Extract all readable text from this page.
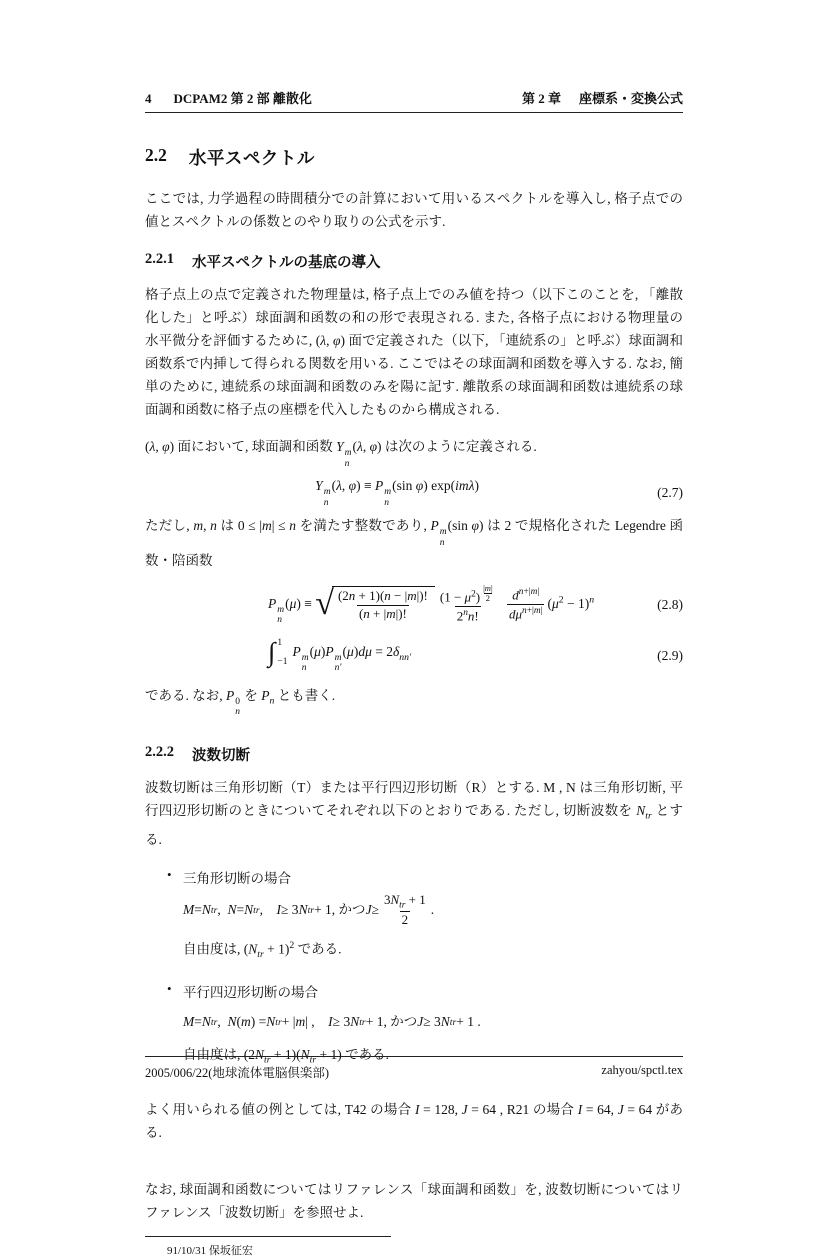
4 DCPAM2 第 2 部 離散化	第 2 章 座標系・変換公式
2.2 水平スペクトル

ここでは, 力学過程の時間積分での計算において用いるスペクトルを導入し, 格子点での値とスペクトルの係数とのやり取りの公式を示す.

2.2.1 水平スペクトルの基底の導入

格子点上の点で定義された物理量は, 格子点上でのみ値を持つ（以下このことを, 「離散化した」と呼ぶ）球面調和函数の和の形で表現される. また, 各格子点における物理量の水平微分を評価するために, (λ, φ) 面で定義された（以下, 「連続系の」と呼ぶ）球面調和函数系で内挿して得られる関数を用いる. ここではその球面調和函数を導入する. なお, 簡単のために, 連続系の球面調和函数のみを陽に記す. 離散系の球面調和函数は連続系の球面調和函数に格子点の座標を代入したものから構成される.

(λ, φ) 面において, 球面調和函数 Y m
n
(λ, φ) は次のように定義される.

Y m
n
(λ, φ) ≡ P m
n
(sin φ) exp(imλ)	(2.7)

ただし, m, n は 0 ≤ |m| ≤ n を満たす整数であり, P m
n
(sin φ) は 2 で規格化された Legendre 函数・陪函数

P m
n
(μ) ≡ √ $\frac{(2n + 1)(n - |m|)!}{(n + |m|)!} (1 - \mu^2)$ $^{\frac{|m|}{2}}$
2$^n$n!
$\frac{d^{n+|m|}}{d\mu^{n+|m|}} (\mu^2 - 1)^n$	(2.8)
∫ 1
−1
P m
n
(μ)P m
n′
$(\mu)d\mu = 2\delta_{nn'}$	(2.9)

である. なお, P 0
n
を $P_n$ とも書く.

2.2.2 波数切断

波数切断は三角形切断（T）または平行四辺形切断（R）とする. M , N は三角形切断, 平行四辺形切断のときについてそれぞれ以下のとおりである. ただし, 切断波数を $N_{tr}$ とする.

• 三角形切断の場合
M = N tr ,  N = N tr ,  I ≥ 3 N tr + 1, かつ $J \ge \frac{3N_{tr} + 1}{2}$ .
自由度は, $(N_{tr} + 1)^2$ である.
• 平行四辺形切断の場合
M = N tr ,  N ( m ) = N tr + | m | ,  I ≥ 3 N tr + 1, かつ J ≥ 3 N tr + 1 .
自由度は, $(2N_{tr} + 1)(N_{tr} + 1)$ である.

よく用いられる値の例としては, T42 の場合 I = 128, J = 64 , R21 の場合 I = 64, J = 64 がある.

なお, 球面調和函数についてはリファレンス「球面調和函数」を, 波数切断についてはリファレンス「波数切断」を参照せよ.

91/10/31 保坂征宏
2005/006/22(地球流体電脳倶楽部)	zahyou/spctl.tex
